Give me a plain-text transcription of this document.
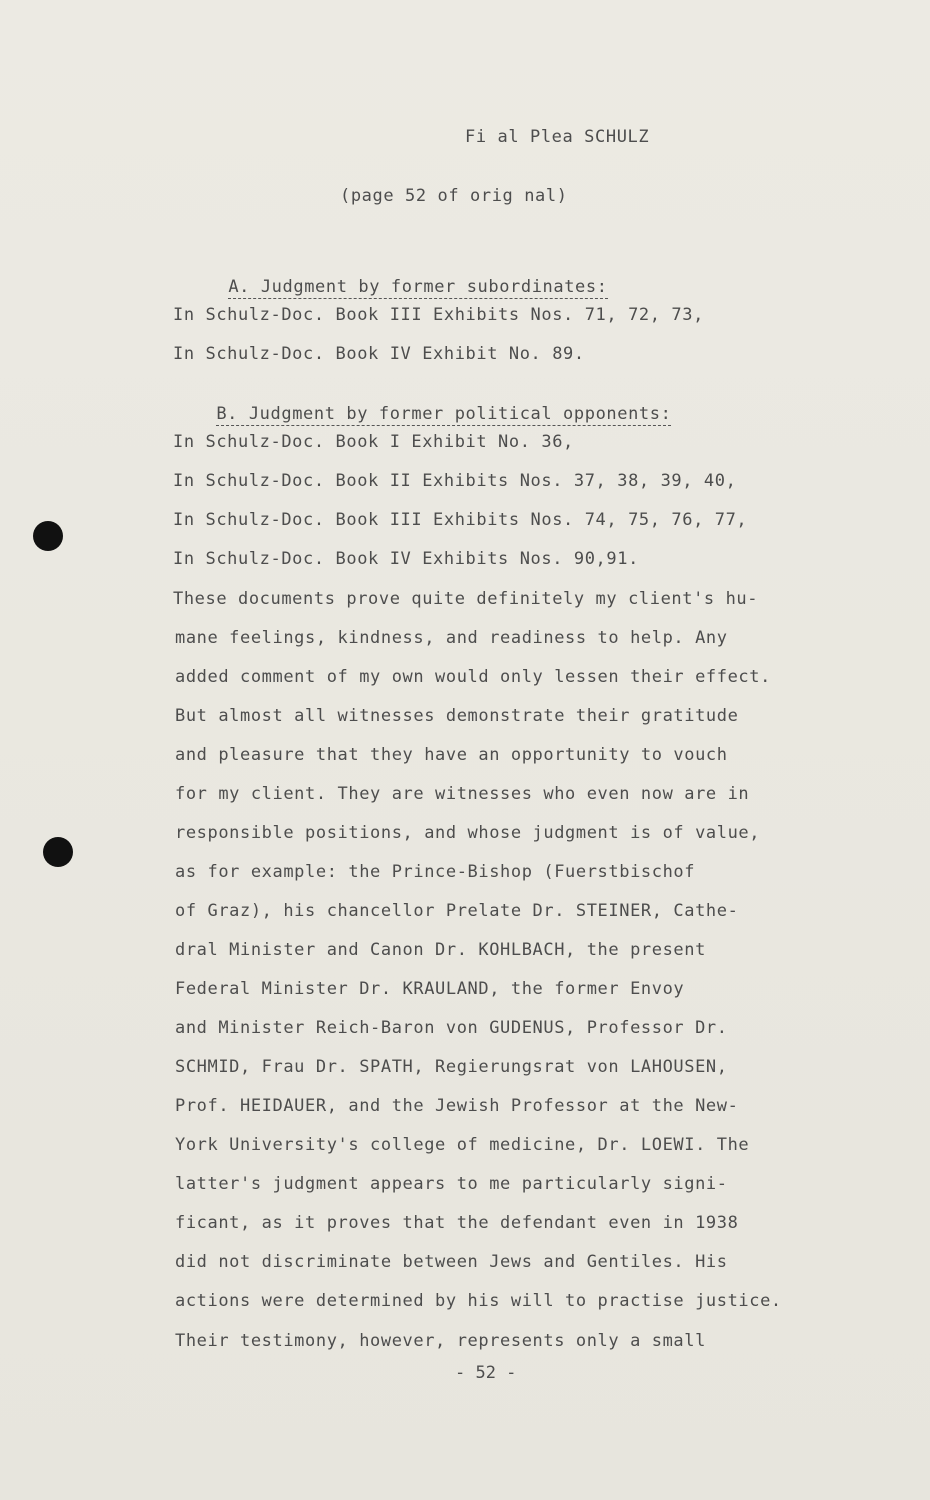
Fi al Plea SCHULZ
(page 52 of orig nal)

A. Judgment by former subordinates:

In Schulz-Doc. Book III Exhibits Nos. 71, 72, 73,
In Schulz-Doc. Book IV Exhibit No. 89.

B. Judgment by former political opponents:

In Schulz-Doc. Book I Exhibit No. 36,
In Schulz-Doc. Book II Exhibits Nos. 37, 38, 39, 40,
In Schulz-Doc. Book III Exhibits Nos. 74, 75, 76, 77,
In Schulz-Doc. Book IV Exhibits Nos. 90,91.
These documents prove quite definitely my client's hu-
mane feelings, kindness, and readiness to help. Any
added comment of my own would only lessen their effect.
But almost all witnesses demonstrate their gratitude
and pleasure that they have an opportunity to vouch
for my client. They are witnesses who even now are in
responsible positions, and whose judgment is of value,
as for example: the Prince-Bishop (Fuerstbischof
of Graz), his chancellor Prelate Dr. STEINER, Cathe-
dral Minister and Canon Dr. KOHLBACH, the present
Federal Minister Dr. KRAULAND, the former Envoy
and Minister Reich-Baron von GUDENUS, Professor Dr.
SCHMID, Frau Dr. SPATH, Regierungsrat von LAHOUSEN,
Prof. HEIDAUER, and the Jewish Professor at the New-
York University's college of medicine, Dr. LOEWI. The
latter's judgment appears to me particularly signi-
ficant, as it proves that the defendant even in 1938
did not discriminate between Jews and Gentiles. His
actions were determined by his will to practise justice.
Their testimony, however, represents only a small
- 52 -
